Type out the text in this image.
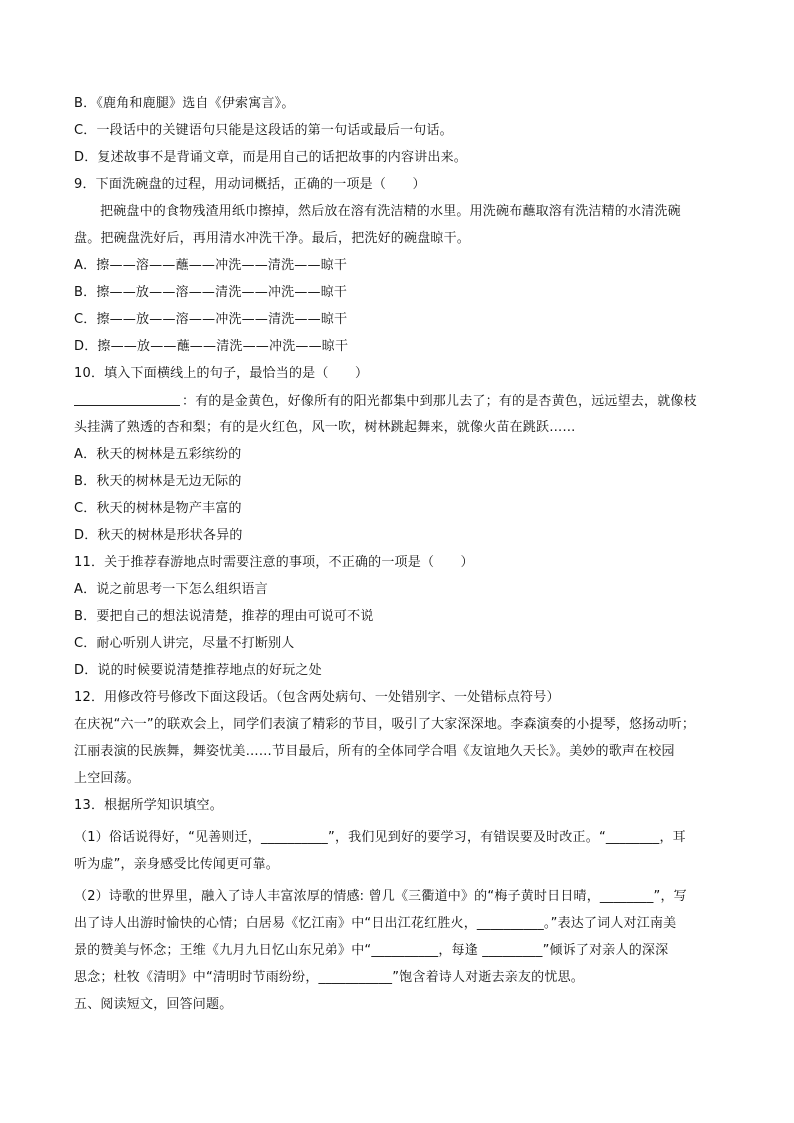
B．《鹿角和鹿腿》选自《伊索寓言》。
C．一段话中的关键语句只能是这段话的第一句话或最后一句话。
D．复述故事不是背诵文章，而是用自己的话把故事的内容讲出来。
9．下面洗碗盘的过程，用动词概括，正确的一项是（　　）
把碗盘中的食物残渣用纸巾擦掉，然后放在溶有洗洁精的水里。用洗碗布蘸取溶有洗洁精的水清洗碗
盘。把碗盘洗好后，再用清水冲洗干净。最后，把洗好的碗盘晾干。
A．擦——溶——蘸——冲洗——清洗——晾干
B．擦——放——溶——清洗——冲洗——晾干
C．擦——放——溶——冲洗——清洗——晾干
D．擦——放——蘸——清洗——冲洗——晾干
10．填入下面横线上的句子，最恰当的是（　　）
：有的是金黄色，好像所有的阳光都集中到那儿去了；有的是杏黄色，远远望去，就像枝
头挂满了熟透的杏和梨；有的是火红色，风一吹，树林跳起舞来，就像火苗在跳跃……
A．秋天的树林是五彩缤纷的
B．秋天的树林是无边无际的
C．秋天的树林是物产丰富的
D．秋天的树林是形状各异的
11．关于推荐春游地点时需要注意的事项，不正确的一项是（　　）
A．说之前思考一下怎么组织语言
B．要把自己的想法说清楚，推荐的理由可说可不说
C．耐心听别人讲完，尽量不打断别人
D．说的时候要说清楚推荐地点的好玩之处
12．用修改符号修改下面这段话。（包含两处病句、一处错别字、一处错标点符号）
在庆祝“六一”的联欢会上，同学们表演了精彩的节目，吸引了大家深深地。李森演奏的小提琴，悠扬动听；
江丽表演的民族舞，舞姿忧美……节目最后，所有的全体同学合唱《友谊地久天长》。美妙的歌声在校园
上空回荡。
13．根据所学知识填空。
（1）俗话说得好，“见善则迁，__________”，我们见到好的要学习，有错误要及时改正。“________，耳
听为虚”，亲身感受比传闻更可靠。
（2）诗歌的世界里，融入了诗人丰富浓厚的情感: 曾几《三衢道中》的“梅子黄时日日晴，________”，写
出了诗人出游时愉快的心情；白居易《忆江南》中“日出江花红胜火，__________。”表达了词人对江南美
景的赞美与怀念；王维《九月九日忆山东兄弟》中“__________，每逢 _________”倾诉了对亲人的深深
思念；杜牧《清明》中“清明时节雨纷纷，___________”饱含着诗人对逝去亲友的忧思。
五、阅读短文，回答问题。
